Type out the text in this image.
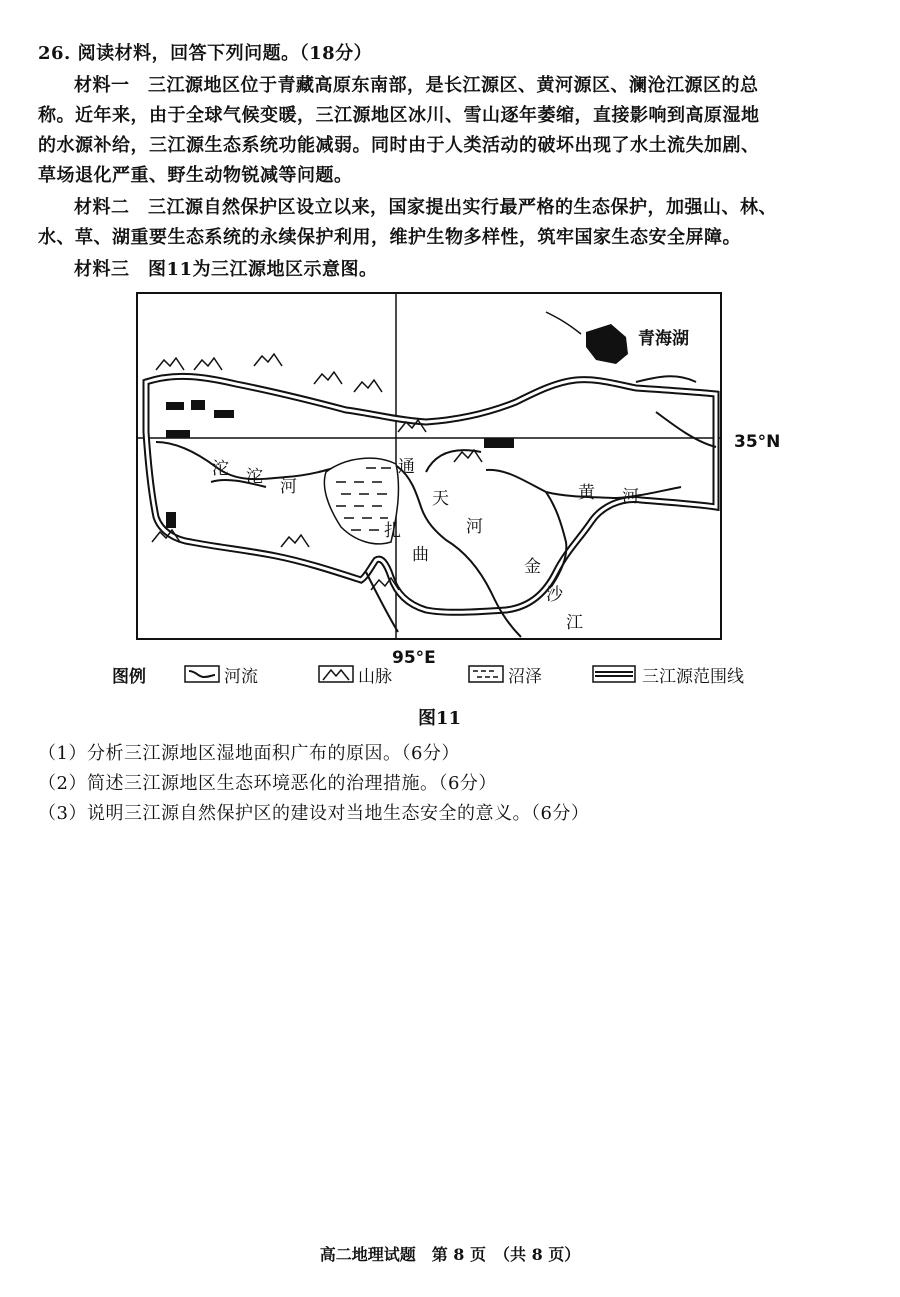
26. 阅读材料，回答下列问题。（18分）
材料一　三江源地区位于青藏高原东南部，是长江源区、黄河源区、澜沧江源区的总
称。近年来，由于全球气候变暖，三江源地区冰川、雪山逐年萎缩，直接影响到高原湿地
的水源补给，三江源生态系统功能减弱。同时由于人类活动的破坏出现了水土流失加剧、
草场退化严重、野生动物锐减等问题。
材料二　三江源自然保护区设立以来，国家提出实行最严格的生态保护，加强山、林、
水、草、湖重要生态系统的永续保护利用，维护生物多样性，筑牢国家生态安全屏障。
材料三　图11为三江源地区示意图。
青海湖
35°N
95°E
沱 沱 河
通
天
河
黄 河
扎
曲
金
沙
江
图例	河流	山脉	沼泽	三江源范围线
图11
（1）分析三江源地区湿地面积广布的原因。（6分）
（2）简述三江源地区生态环境恶化的治理措施。（6分）
（3）说明三江源自然保护区的建设对当地生态安全的意义。（6分）
高二地理试题　第 8 页　（共 8 页）
